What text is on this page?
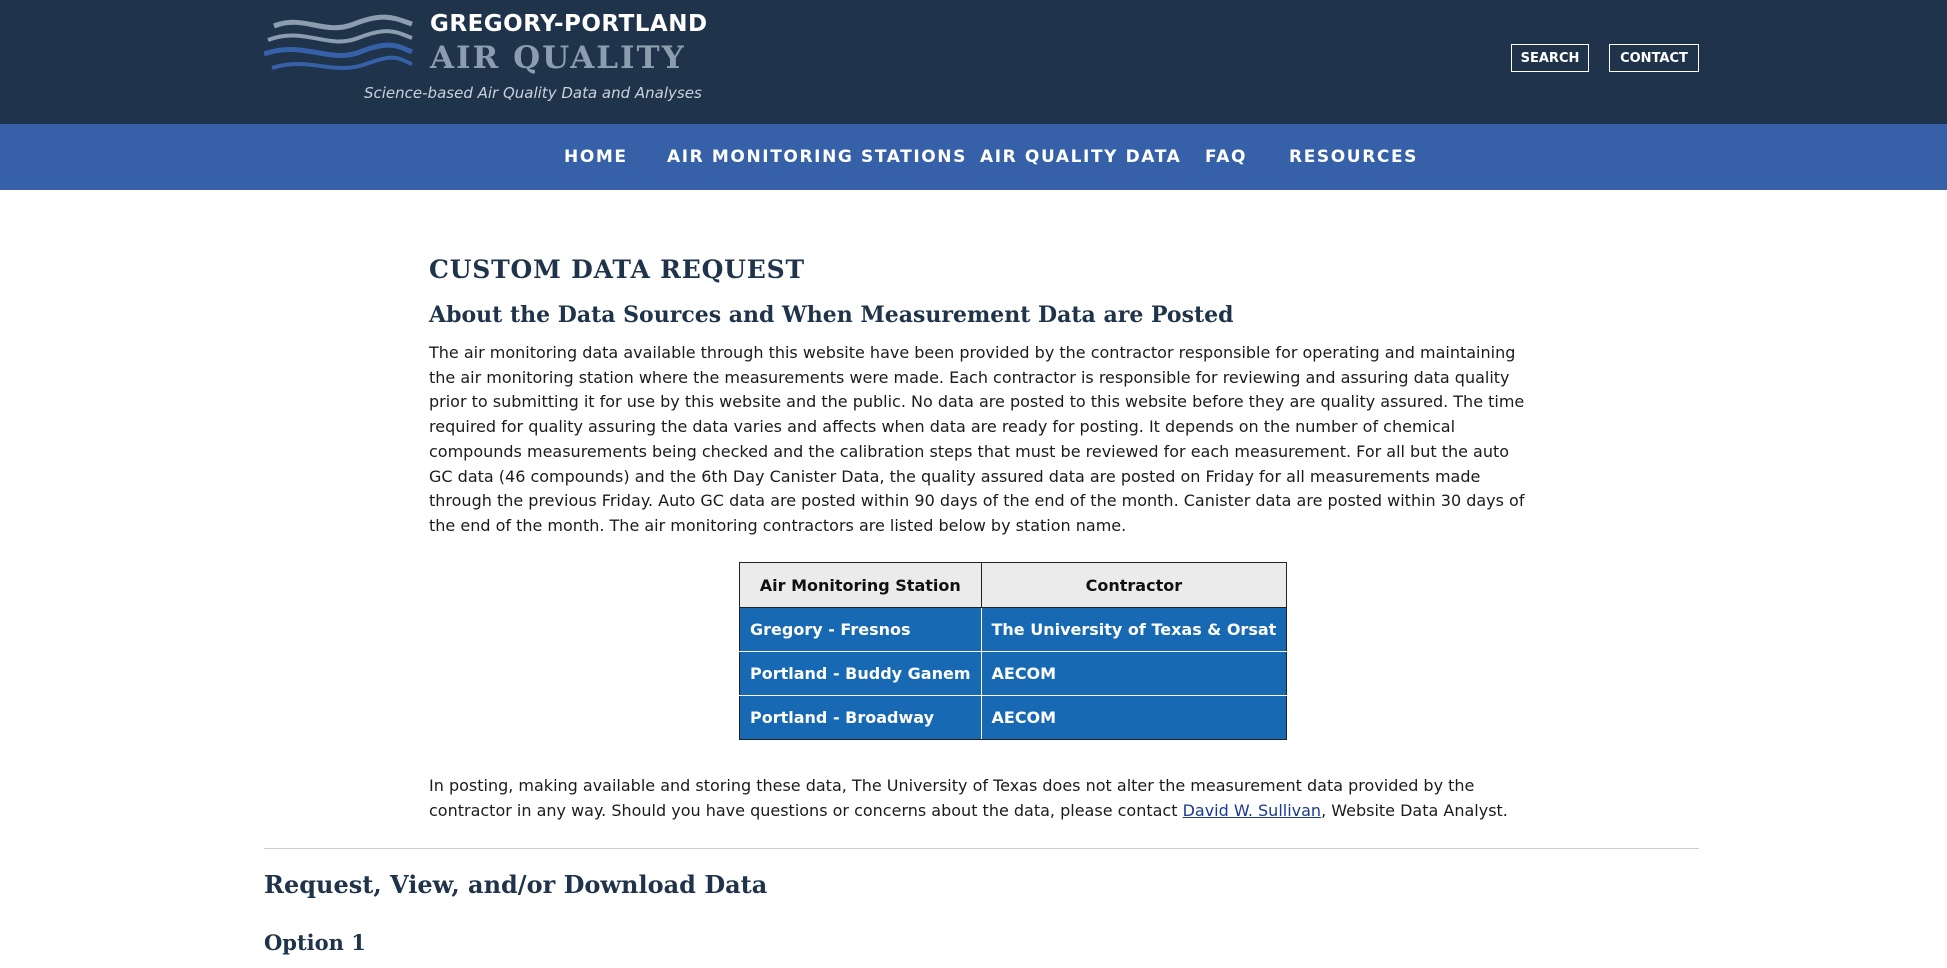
GREGORY-PORTLAND
AIR QUALITY
Science-based Air Quality Data and Analyses
SEARCH	CONTACT
HOME AIR MONITORING STATIONS AIR QUALITY DATA FAQ RESOURCES
CUSTOM DATA REQUEST
About the Data Sources and When Measurement Data are Posted
The air monitoring data available through this website have been provided by the contractor responsible for operating and maintaining the air monitoring station where the measurements were made. Each contractor is responsible for reviewing and assuring data quality prior to submitting it for use by this website and the public. No data are posted to this website before they are quality assured. The time required for quality assuring the data varies and affects when data are ready for posting. It depends on the number of chemical compounds measurements being checked and the calibration steps that must be reviewed for each measurement. For all but the auto GC data (46 compounds) and the 6th Day Canister Data, the quality assured data are posted on Friday for all measurements made through the previous Friday. Auto GC data are posted within 90 days of the end of the month. Canister data are posted within 30 days of the end of the month. The air monitoring contractors are listed below by station name.
Air Monitoring Station	Contractor
Gregory - Fresnos	The University of Texas & Orsat
Portland - Buddy Ganem	AECOM
Portland - Broadway	AECOM
In posting, making available and storing these data, The University of Texas does not alter the measurement data provided by the contractor in any way. Should you have questions or concerns about the data, please contact David W. Sullivan, Website Data Analyst.
Request, View, and/or Download Data
Option 1
